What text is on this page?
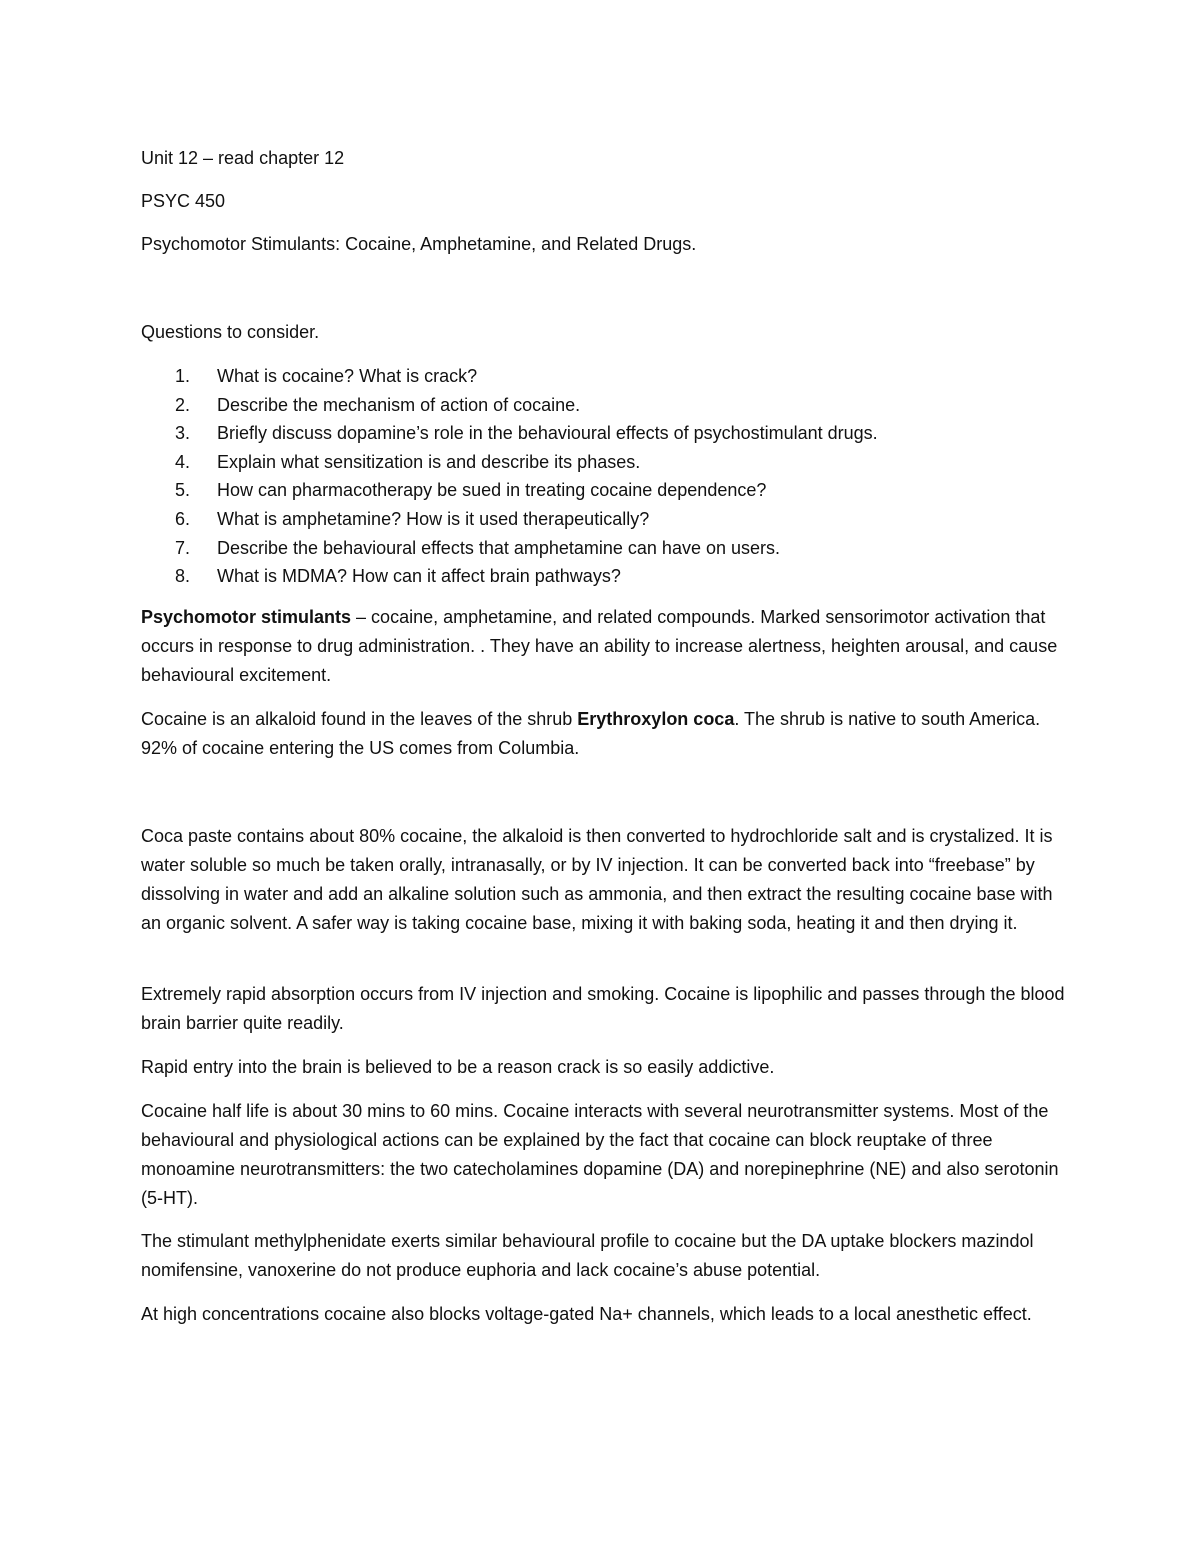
Unit 12 – read chapter 12
PSYC 450
Psychomotor Stimulants: Cocaine, Amphetamine, and Related Drugs.
Questions to consider.
1. What is cocaine? What is crack?
2. Describe the mechanism of action of cocaine.
3. Briefly discuss dopamine’s role in the behavioural effects of psychostimulant drugs.
4. Explain what sensitization is and describe its phases.
5. How can pharmacotherapy be sued in treating cocaine dependence?
6. What is amphetamine? How is it used therapeutically?
7. Describe the behavioural effects that amphetamine can have on users.
8. What is MDMA? How can it affect brain pathways?

Psychomotor stimulants – cocaine, amphetamine, and related compounds. Marked sensorimotor activation that occurs in response to drug administration. . They have an ability to increase alertness, heighten arousal, and cause behavioural excitement.

Cocaine is an alkaloid found in the leaves of the shrub Erythroxylon coca. The shrub is native to south America. 92% of cocaine entering the US comes from Columbia.

Coca paste contains about 80% cocaine, the alkaloid is then converted to hydrochloride salt and is crystalized. It is water soluble so much be taken orally, intranasally, or by IV injection. It can be converted back into “freebase” by dissolving in water and add an alkaline solution such as ammonia, and then extract the resulting cocaine base with an organic solvent. A safer way is taking cocaine base, mixing it with baking soda, heating it and then drying it.

Extremely rapid absorption occurs from IV injection and smoking. Cocaine is lipophilic and passes through the blood brain barrier quite readily.

Rapid entry into the brain is believed to be a reason crack is so easily addictive.

Cocaine half life is about 30 mins to 60 mins. Cocaine interacts with several neurotransmitter systems. Most of the behavioural and physiological actions can be explained by the fact that cocaine can block reuptake of three monoamine neurotransmitters: the two catecholamines dopamine (DA) and norepinephrine (NE) and also serotonin (5-HT).

The stimulant methylphenidate exerts similar behavioural profile to cocaine but the DA uptake blockers mazindol nomifensine, vanoxerine do not produce euphoria and lack cocaine’s abuse potential.

At high concentrations cocaine also blocks voltage-gated Na+ channels, which leads to a local anesthetic effect.
